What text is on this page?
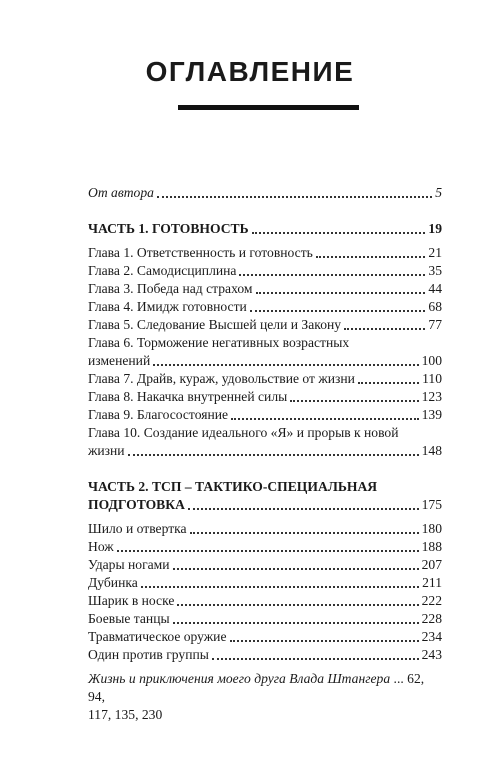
ОГЛАВЛЕНИЕ
От автора	5
ЧАСТЬ 1. ГОТОВНОСТЬ	19
Глава 1. Ответственность и готовность	21
Глава 2. Самодисциплина	35
Глава 3. Победа над страхом	44
Глава 4. Имидж готовности	68
Глава 5. Следование Высшей цели и Закону	77
Глава 6. Торможение негативных возрастных
изменений	100
Глава 7. Драйв, кураж, удовольствие от жизни	110
Глава 8. Накачка внутренней силы	123
Глава 9. Благосостояние	139
Глава 10. Создание идеального «Я» и прорыв к новой
жизни	148
ЧАСТЬ 2. ТСП – ТАКТИКО-СПЕЦИАЛЬНАЯ
ПОДГОТОВКА	175
Шило и отвертка	180
Нож	188
Удары ногами	207
Дубинка	211
Шарик в носке	222
Боевые танцы	228
Травматическое оружие	234
Один против группы	243
Жизнь и приключения моего друга Влада Штангера ... 62, 94,
117, 135, 230
